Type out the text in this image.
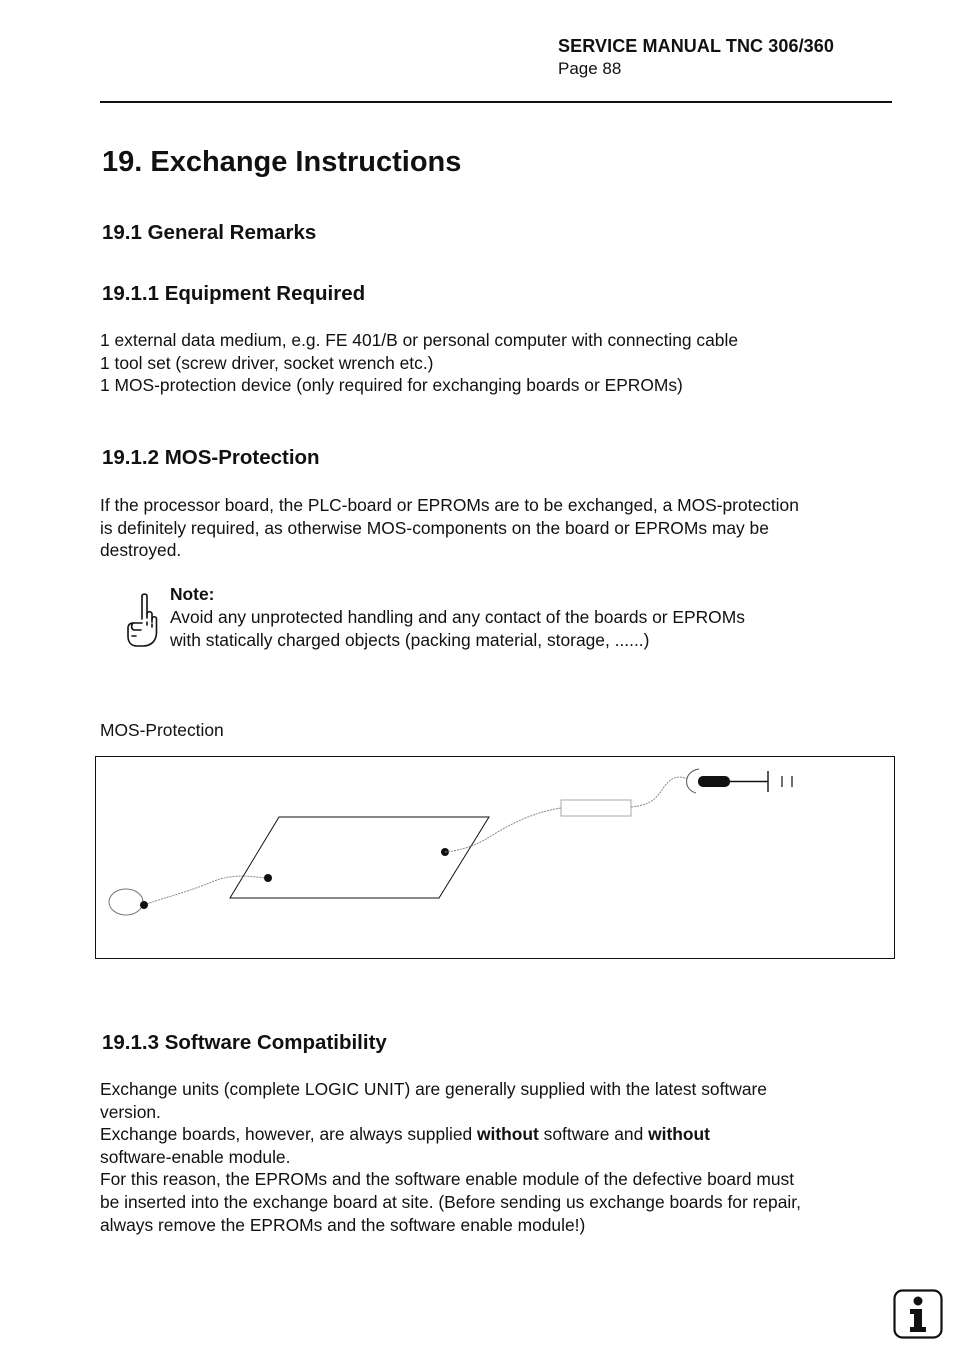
SERVICE MANUAL TNC 306/360
Page 88
19. Exchange Instructions
19.1 General Remarks
19.1.1 Equipment Required

1 external data medium, e.g. FE 401/B or personal computer with connecting cable
1 tool set (screw driver, socket wrench etc.)
1 MOS-protection device (only required for exchanging boards or EPROMs)

19.1.2 MOS-Protection

If the processor board, the PLC-board or EPROMs are to be exchanged, a MOS-protection
is definitely required, as otherwise MOS-components on the board or EPROMs may be
destroyed.

Note:
Avoid any unprotected handling and any contact of the boards or EPROMs
with statically charged objects (packing material, storage, ......)
MOS-Protection
19.1.3 Software Compatibility

Exchange units (complete LOGIC UNIT) are generally supplied with the latest software
version.
Exchange boards, however, are always supplied without software and without
software-enable module.
For this reason, the EPROMs and the software enable module of the defective board must
be inserted into the exchange board at site. (Before sending us exchange boards for repair,
always remove the EPROMs and the software enable module!)
